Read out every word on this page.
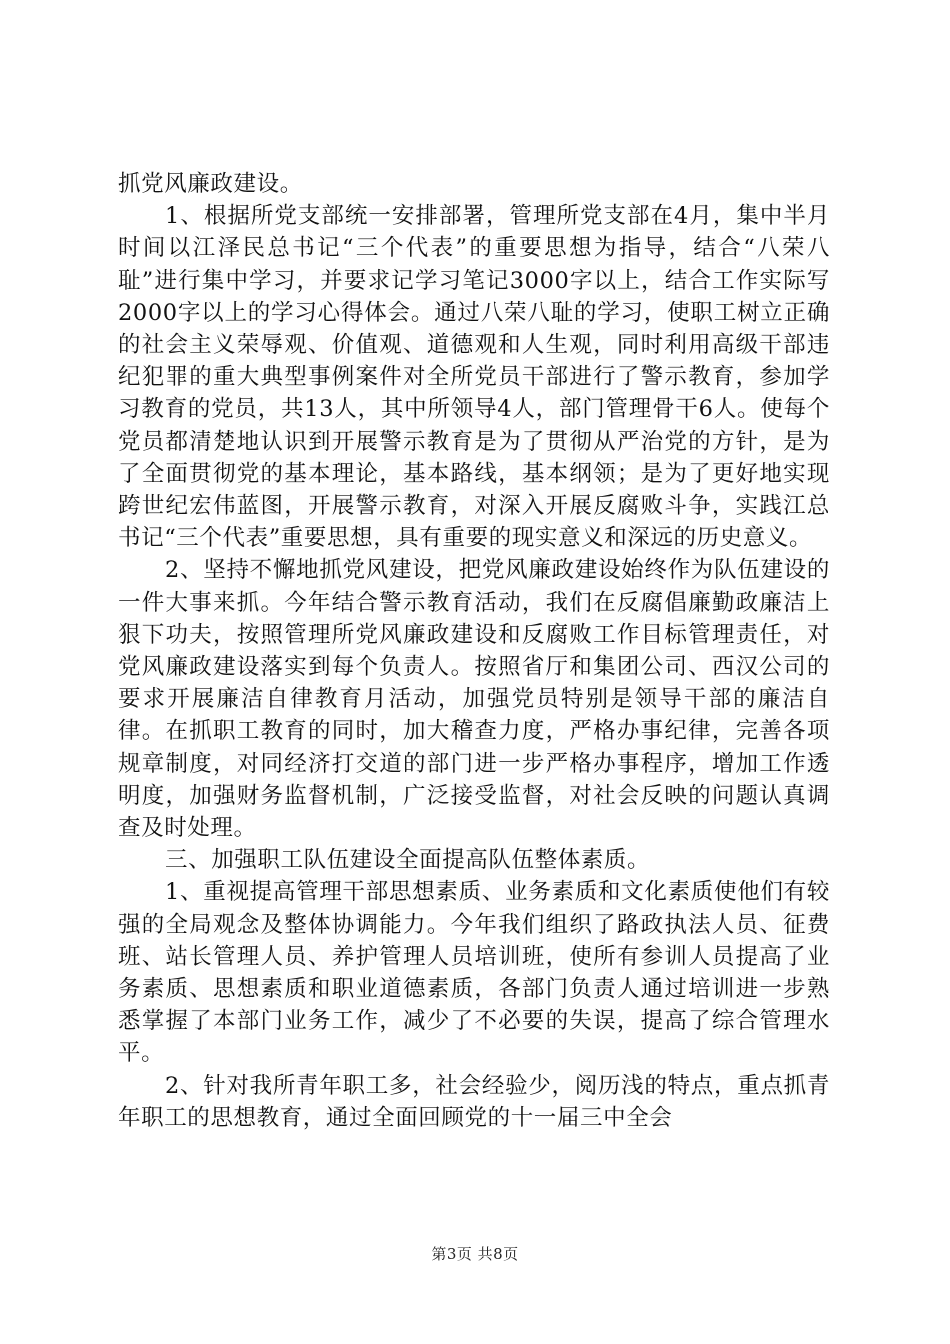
抓党风廉政建设。

1、根据所党支部统一安排部署，管理所党支部在4月，集中半月时间以江泽民总书记“三个代表”的重要思想为指导，结合“八荣八耻”进行集中学习，并要求记学习笔记3000字以上，结合工作实际写2000字以上的学习心得体会。通过八荣八耻的学习，使职工树立正确的社会主义荣辱观、价值观、道德观和人生观，同时利用高级干部违纪犯罪的重大典型事例案件对全所党员干部进行了警示教育，参加学习教育的党员，共13人，其中所领导4人，部门管理骨干6人。使每个党员都清楚地认识到开展警示教育是为了贯彻从严治党的方针，是为了全面贯彻党的基本理论，基本路线，基本纲领；是为了更好地实现跨世纪宏伟蓝图，开展警示教育，对深入开展反腐败斗争，实践江总书记“三个代表”重要思想，具有重要的现实意义和深远的历史意义。

2、坚持不懈地抓党风建设，把党风廉政建设始终作为队伍建设的一件大事来抓。今年结合警示教育活动，我们在反腐倡廉勤政廉洁上狠下功夫，按照管理所党风廉政建设和反腐败工作目标管理责任，对党风廉政建设落实到每个负责人。按照省厅和集团公司、西汉公司的要求开展廉洁自律教育月活动，加强党员特别是领导干部的廉洁自律。在抓职工教育的同时，加大稽查力度，严格办事纪律，完善各项规章制度，对同经济打交道的部门进一步严格办事程序，增加工作透明度，加强财务监督机制，广泛接受监督，对社会反映的问题认真调查及时处理。

三、加强职工队伍建设全面提高队伍整体素质。

1、重视提高管理干部思想素质、业务素质和文化素质使他们有较强的全局观念及整体协调能力。今年我们组织了路政执法人员、征费班、站长管理人员、养护管理人员培训班，使所有参训人员提高了业务素质、思想素质和职业道德素质，各部门负责人通过培训进一步熟悉掌握了本部门业务工作，减少了不必要的失误，提高了综合管理水平。

2、针对我所青年职工多，社会经验少，阅历浅的特点，重点抓青年职工的思想教育，通过全面回顾党的十一届三中全会

第3页 共8页
